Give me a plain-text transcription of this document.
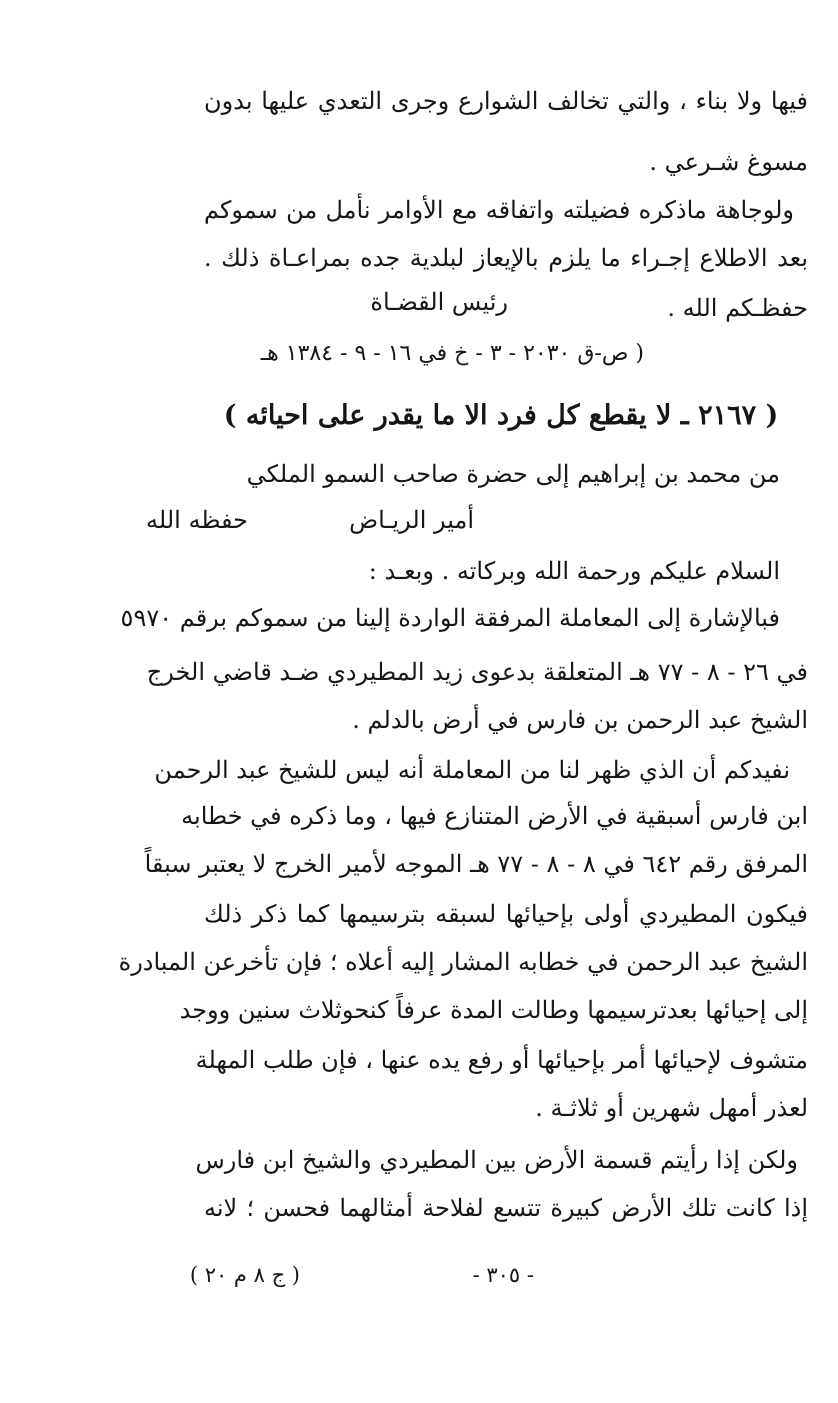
فيها ولا بناء ، والتي تخالف الشوارع وجرى التعدي عليها بدون
مسوغ شـرعي .
ولوجاهة ماذكره فضيلته واتفاقه مع الأوامر نأمل من سموكم
بعد الاطلاع إجـراء ما يلزم بالإيعاز لبلدية جده بمراعـاة ذلك .
حفظـكم الله .
رئيس القضـاة
( ص-ق ٢٠٣٠ - ٣ - خ في ١٦ - ٩ - ١٣٨٤ هـ
( ٢١٦٧ ـ لا يقطع كل فرد الا ما يقدر على احيائه )
من محمد بن إبراهيم إلى حضرة صاحب السمو الملكي
أمير الريـاض
حفظه الله
السلام عليكم ورحمة الله وبركاته . وبعـد :
فبالإشارة إلى المعاملة المرفقة الواردة إلينا من سموكم برقم ٥٩٧٠
في ٢٦ - ٨ - ٧٧ هـ المتعلقة بدعوى زيد المطيردي ضـد قاضي الخرج
الشيخ عبد الرحمن بن فارس في أرض بالدلم .
نفيدكم أن الذي ظهر لنا من المعاملة أنه ليس للشيخ عبد الرحمن
ابن فارس أسبقية في الأرض المتنازع فيها ، وما ذكره في خطابه
المرفق رقم ٦٤٢ في ٨ - ٨ - ٧٧ هـ الموجه لأمير الخرج لا يعتبر سبقاً
فيكون المطيردي أولى بإحيائها لسبقه بترسيمها كما ذكر ذلك
الشيخ عبد الرحمن في خطابه المشار إليه أعلاه ؛ فإن تأخرعن المبادرة
إلى إحيائها بعدترسيمها وطالت المدة عرفاً كنحوثلاث سنين ووجد
متشوف لإحيائها أمر بإحيائها أو رفع يده عنها ، فإن طلب المهلة
لعذر أمهل شهرين أو ثلاثـة .
ولكن إذا رأيتم قسمة الأرض بين المطيردي والشيخ ابن فارس
إذا كانت تلك الأرض كبيرة تتسع لفلاحة أمثالهما فحسن ؛ لانه
- ٣٠٥ -
( ج ٨ م ٢٠ )
